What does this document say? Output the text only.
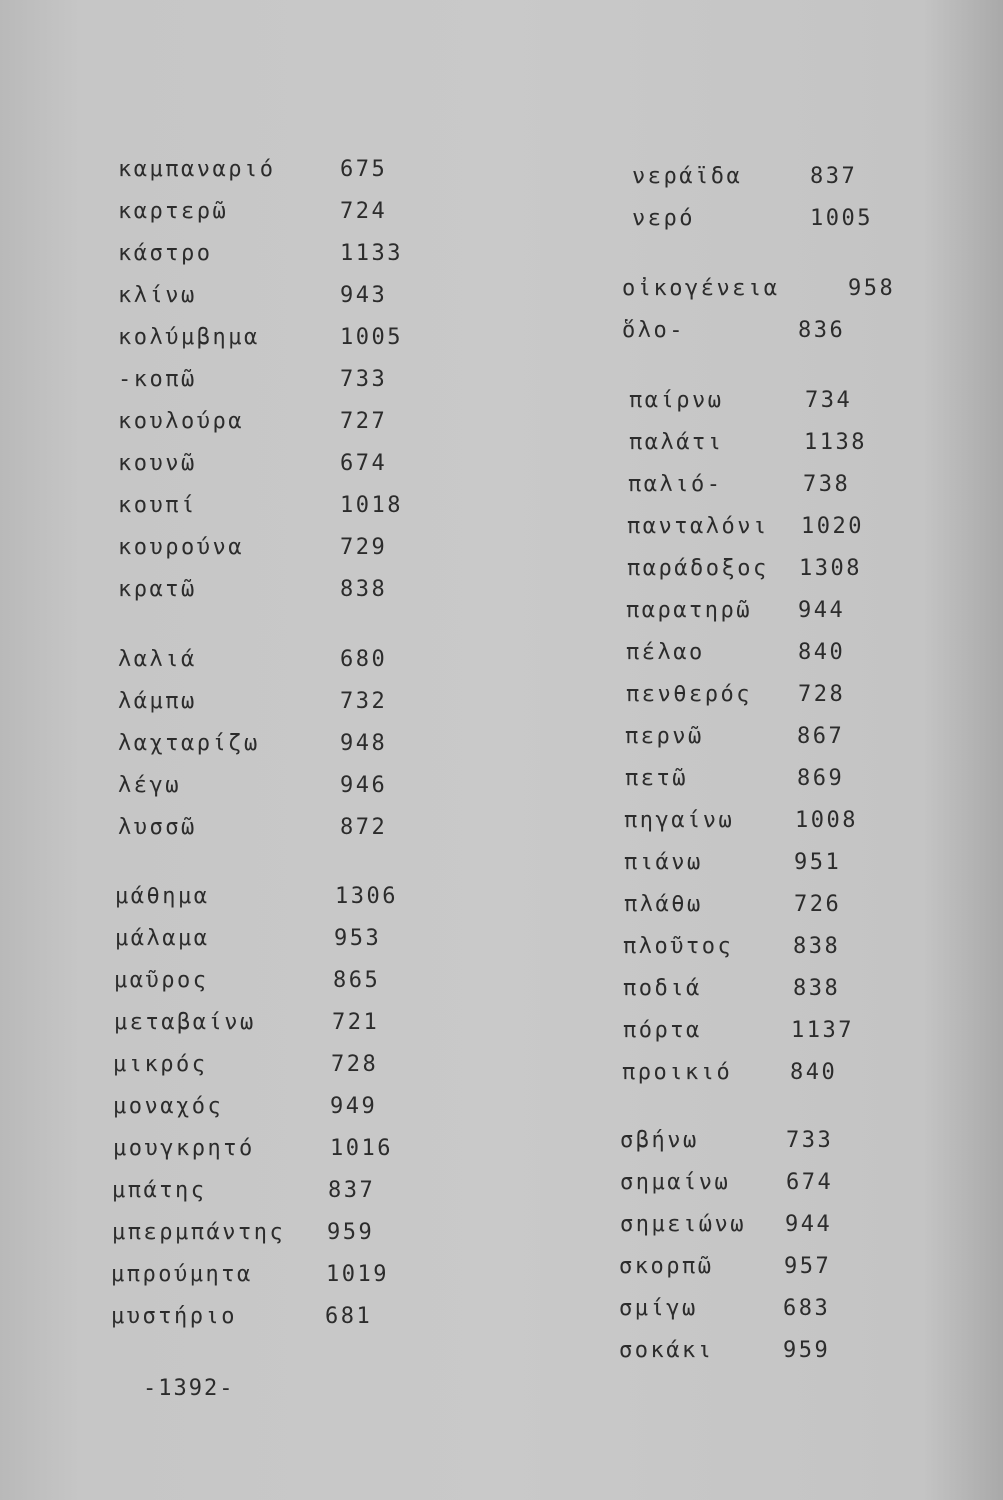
καμπαναριό	675
καρτερῶ	724
κάστρο	1133
κλίνω	943
κολύμβημα	1005
-κοπῶ	733
κουλούρα	727
κουνῶ	674
κουπί	1018
κουρούνα	729
κρατῶ	838
λαλιά	680
λάμπω	732
λαχταρίζω	948
λέγω	946
λυσσῶ	872
μάθημα	1306
μάλαμα	953
μαῦρος	865
μεταβαίνω	721
μικρός	728
μοναχός	949
μουγκρητό	1016
μπάτης	837
μπερμπάντης 959
μπρούμητα	1019
μυστήριο	681
νεράϊδα	837
νερό	1005
οἰκογένεια	958
ὅλο-	836
παίρνω	734
παλάτι	1138
παλιό-	738
πανταλόνι 1020
παράδοξος 1308
παρατηρῶ 944
πέλαο	840
πενθερός 728
περνῶ	867
πετῶ	869
πηγαίνω	1008
πιάνω	951
πλάθω	726
πλοῦτος	838
ποδιά	838
πόρτα	1137
προικιό	840
σβήνω	733
σημαίνω	674
σημειώνω 944
σκορπῶ	957
σμίγω	683
σοκάκι	959
-1392-
